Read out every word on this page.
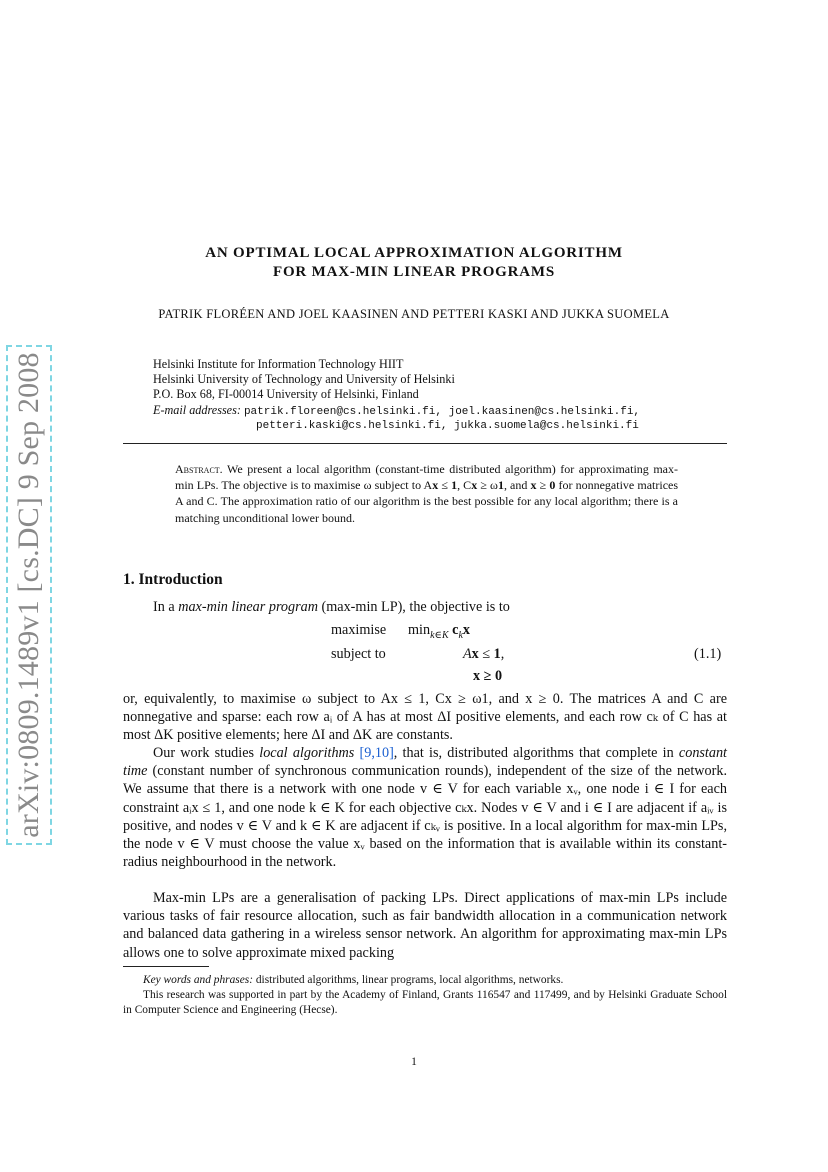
arXiv:0809.1489v1 [cs.DC] 9 Sep 2008
AN OPTIMAL LOCAL APPROXIMATION ALGORITHM
FOR MAX-MIN LINEAR PROGRAMS
PATRIK FLORÉEN AND JOEL KAASINEN AND PETTERI KASKI AND JUKKA SUOMELA
Helsinki Institute for Information Technology HIIT
Helsinki University of Technology and University of Helsinki
P.O. Box 68, FI-00014 University of Helsinki, Finland
E-mail addresses: patrik.floreen@cs.helsinki.fi, joel.kaasinen@cs.helsinki.fi,
petteri.kaski@cs.helsinki.fi, jukka.suomela@cs.helsinki.fi
Abstract. We present a local algorithm (constant-time distributed algorithm) for approximating max-min LPs. The objective is to maximise ω subject to Ax ≤ 1, Cx ≥ ω1, and x ≥ 0 for nonnegative matrices A and C. The approximation ratio of our algorithm is the best possible for any local algorithm; there is a matching unconditional lower bound.
1. Introduction
In a max-min linear program (max-min LP), the objective is to
maximise $\min_{k\in K} c_kx$
subject to	Ax ≤ 1,
x ≥ 0
(1.1)
or, equivalently, to maximise ω subject to Ax ≤ 1, Cx ≥ ω1, and x ≥ 0. The matrices A and C are nonnegative and sparse: each row aᵢ of A has at most ΔI positive elements, and each row cₖ of C has at most ΔK positive elements; here ΔI and ΔK are constants.
Our work studies local algorithms [9,10], that is, distributed algorithms that complete in constant time (constant number of synchronous communication rounds), independent of the size of the network. We assume that there is a network with one node v ∈ V for each variable xᵥ, one node i ∈ I for each constraint aᵢx ≤ 1, and one node k ∈ K for each objective cₖx. Nodes v ∈ V and i ∈ I are adjacent if aᵢᵥ is positive, and nodes v ∈ V and k ∈ K are adjacent if cₖᵥ is positive. In a local algorithm for max-min LPs, the node v ∈ V must choose the value xᵥ based on the information that is available within its constant-radius neighbourhood in the network.
Max-min LPs are a generalisation of packing LPs. Direct applications of max-min LPs include various tasks of fair resource allocation, such as fair bandwidth allocation in a communication network and balanced data gathering in a wireless sensor network. An algorithm for approximating max-min LPs allows one to solve approximate mixed packing
Key words and phrases: distributed algorithms, linear programs, local algorithms, networks.
This research was supported in part by the Academy of Finland, Grants 116547 and 117499, and by Helsinki Graduate School in Computer Science and Engineering (Hecse).
1
